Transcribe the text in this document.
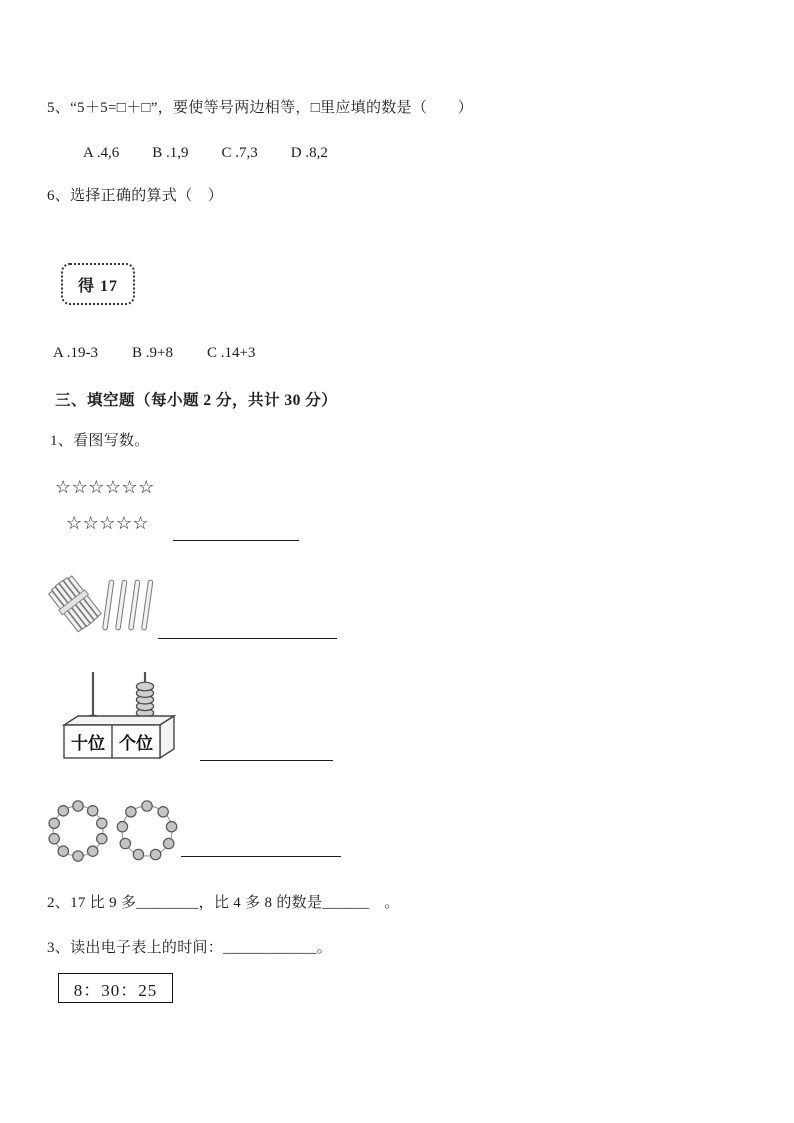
5、“5＋5=□＋□”，要使等号两边相等，□里应填的数是（　　）
A .4,6 B .1,9 C .7,3 D .8,2
6、选择正确的算式（　）
得 17
A .19-3 B .9+8 C .14+3
三、填空题（每小题 2 分，共计 30 分）
1、看图写数。
☆☆☆☆☆☆
☆☆☆☆☆
十位 个位
2、17 比 9 多________，比 4 多 8 的数是______　。
3、读出电子表上的时间：____________。
8：30：25
